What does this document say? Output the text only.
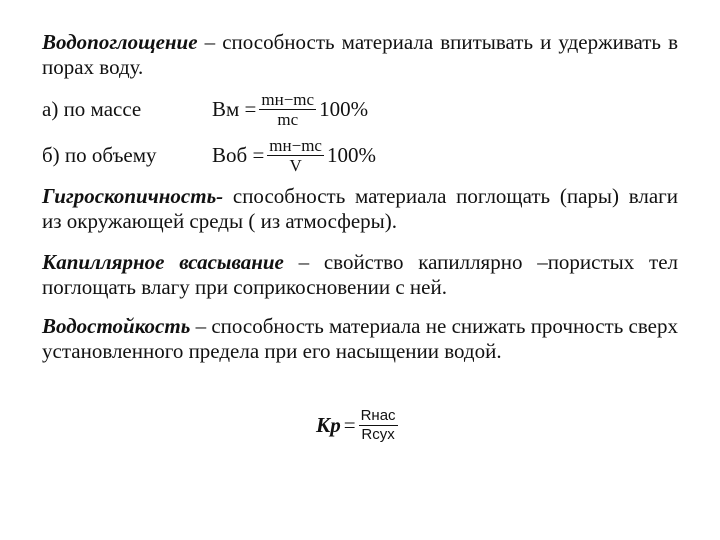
Водопоглощение – способность материала впитывать и удерживать в порах воду.

а) по массе	Вм = $\frac{mн-mс}{mс} 100\%$
б) по объему	Воб = $\frac{mн-mс}{V} 100\%$

Гигроскопичность- способность материала поглощать (пары) влаги из окружающей среды ( из атмосферы).

Капиллярное всасывание – свойство капиллярно –пористых тел поглощать влагу при соприкосновении с ней.

Водостойкость – способность материала не снижать прочность сверх установленного предела при его насыщении водой.

Кр = $\frac{\text{Rнас}}{\text{Rсух}}$
